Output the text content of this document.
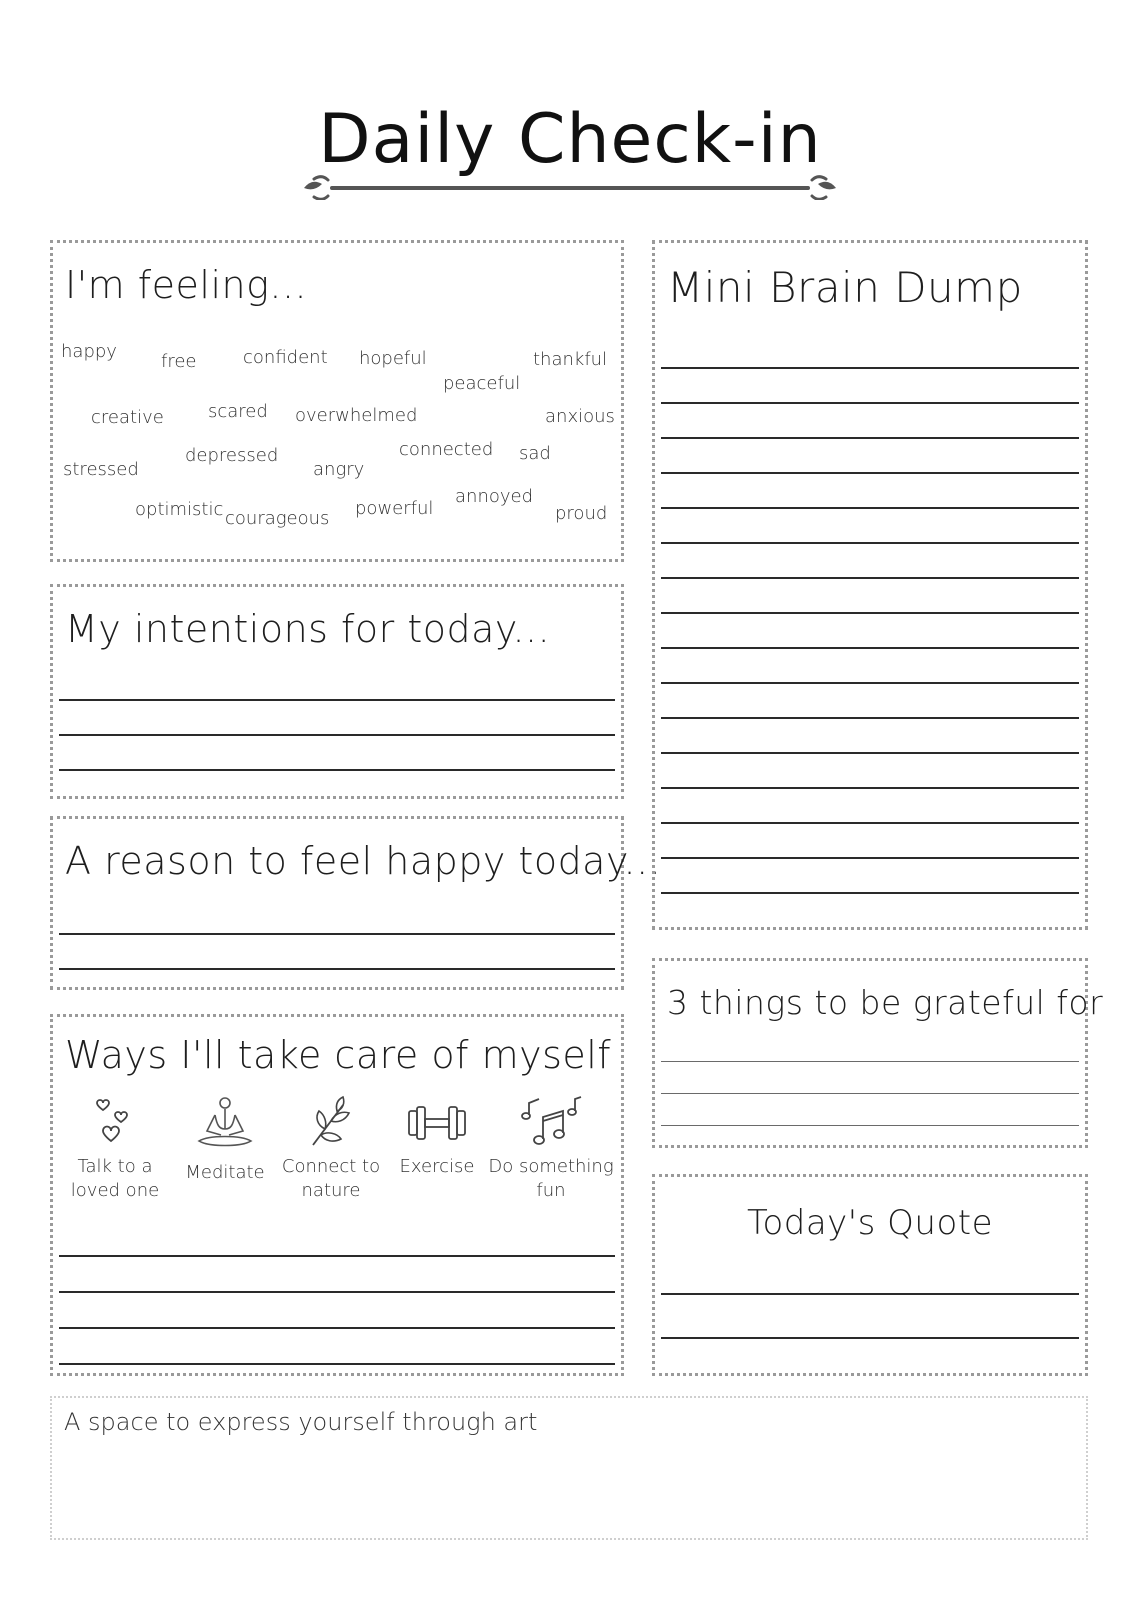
Daily Check-in
I'm feeling...
happy free	confident hopeful
peaceful
thankful
creative scared overwhelmed	anxious
stressed
depressed
angry
connected sad
optimistic courageous powerful
annoyed
proud
My intentions for today...
A reason to feel happy today...
Ways I'll take care of myself
Talk to a
loved one
Meditate Connect to
nature
Exercise Do something
fun
Mini Brain Dump
3 things to be grateful for
Today's Quote
A space to express yourself through art
